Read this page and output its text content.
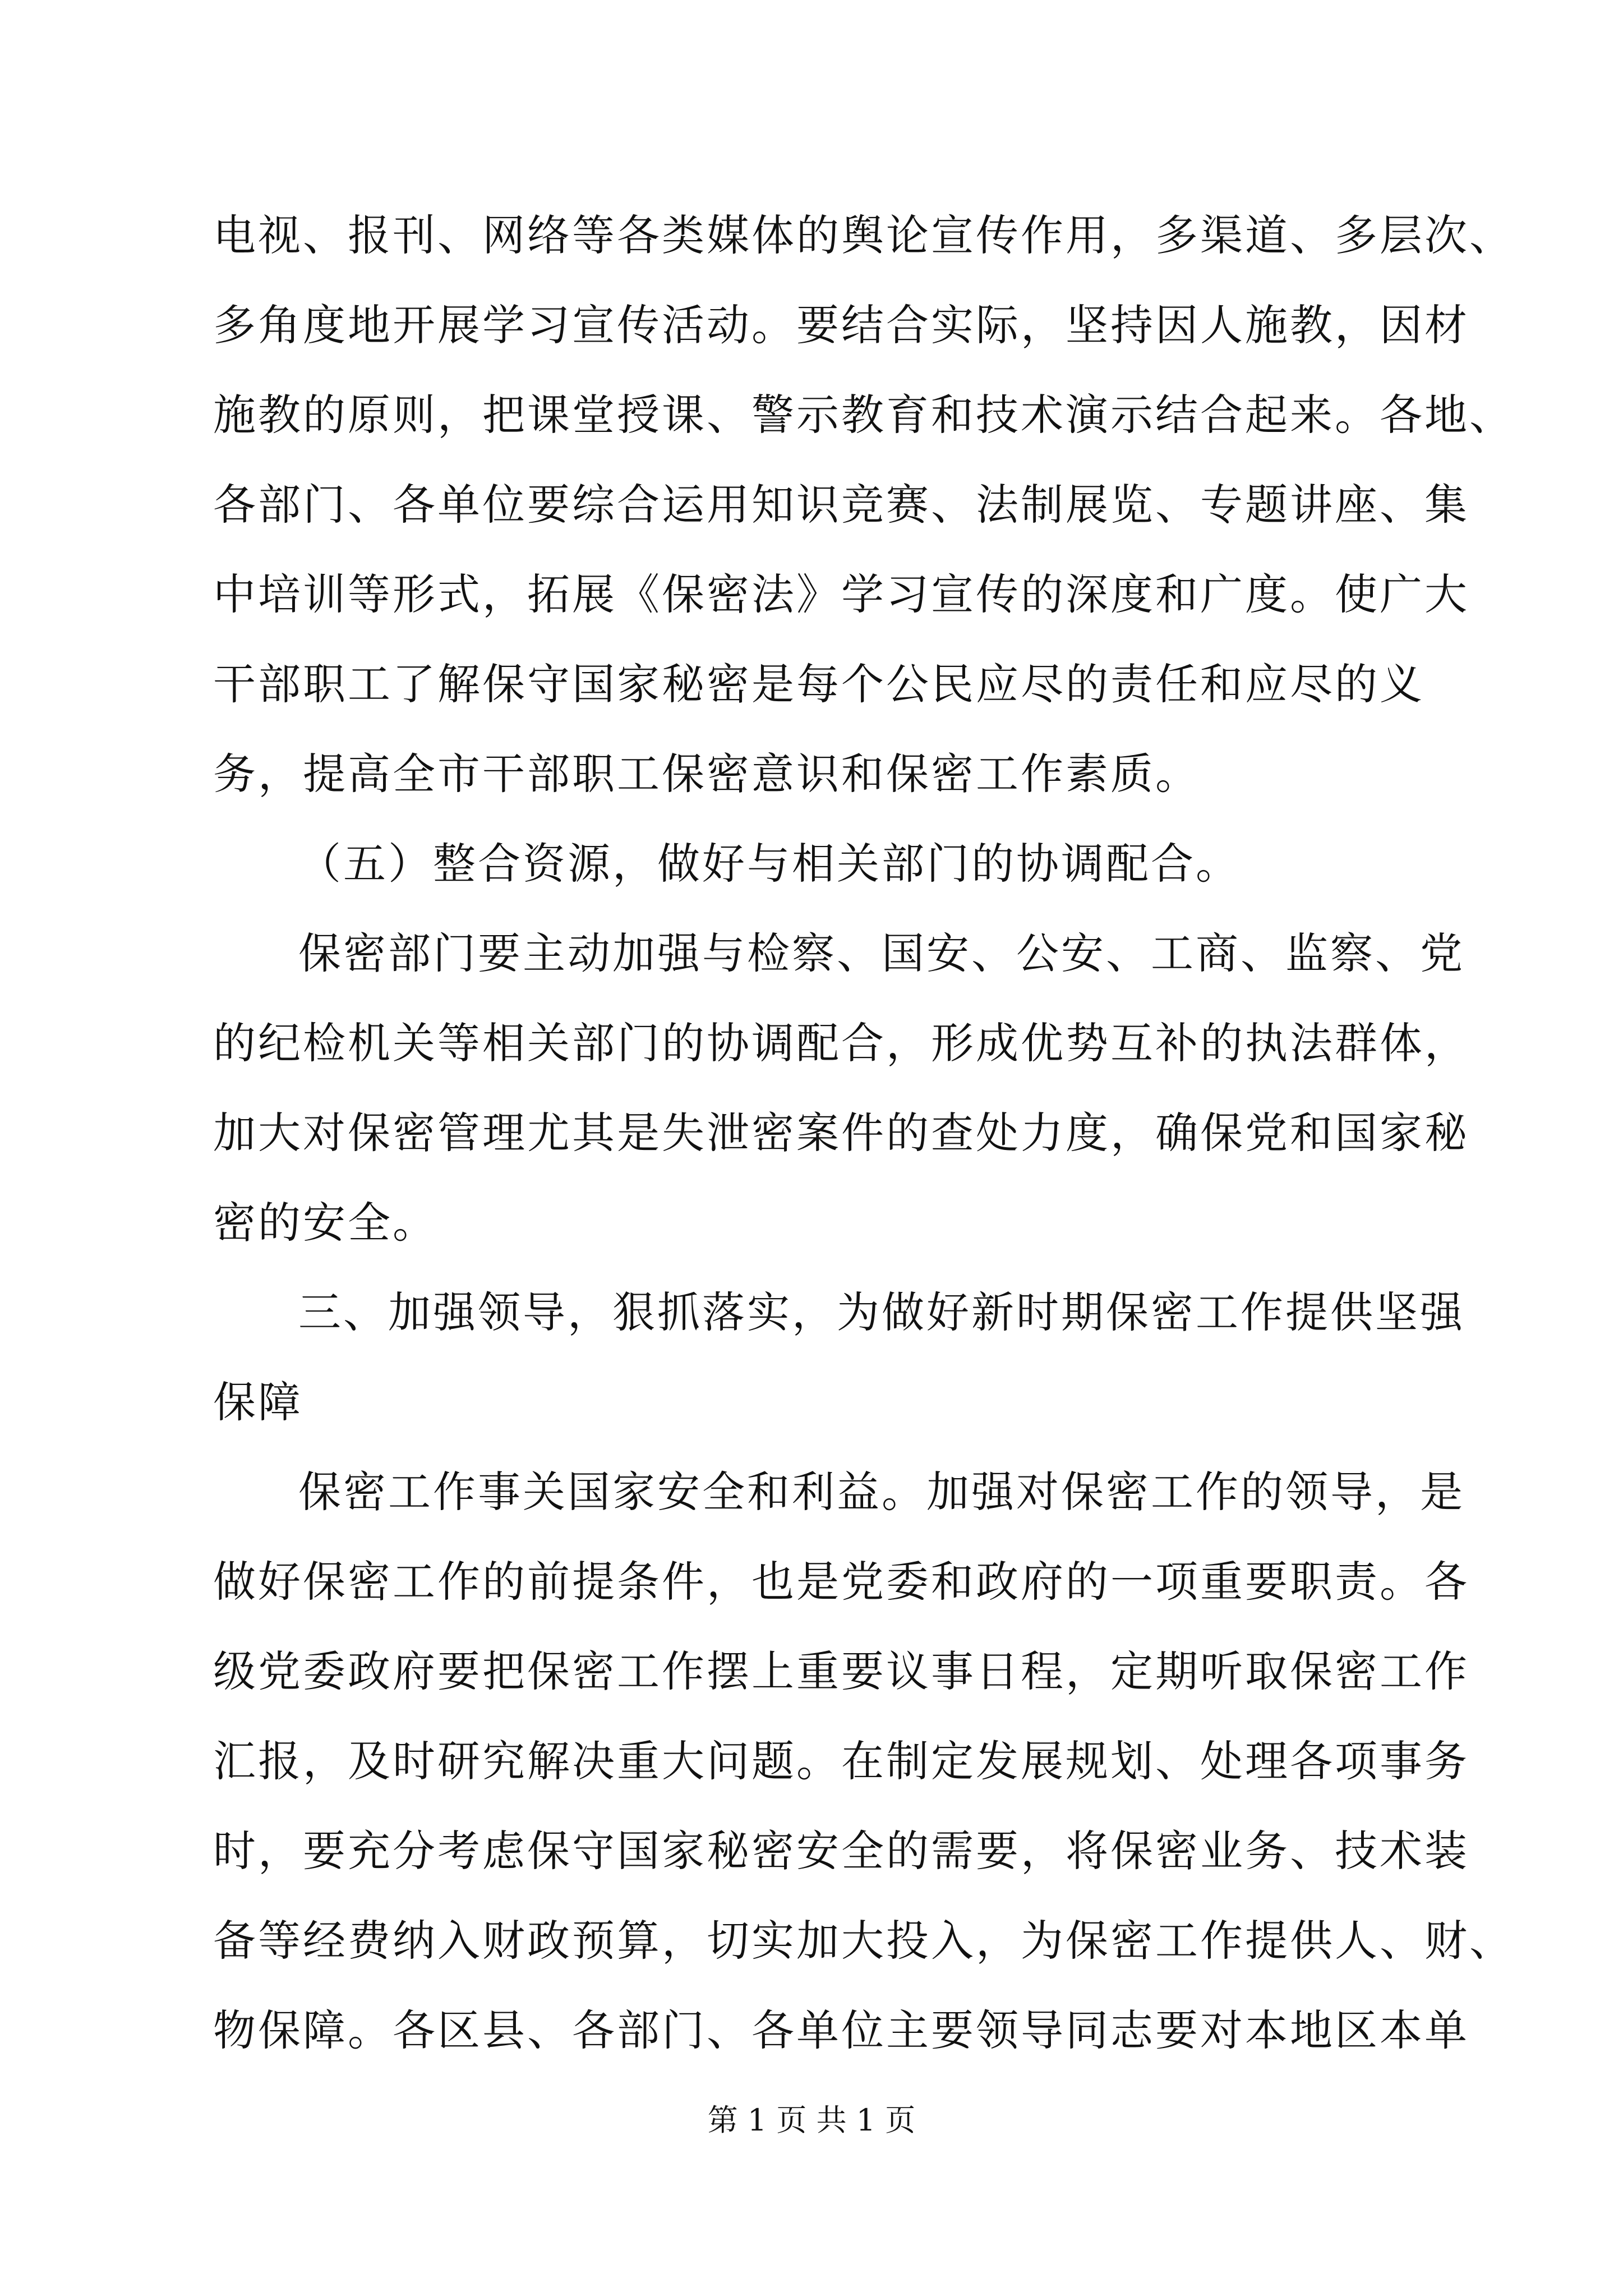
电视、报刊、网络等各类媒体的舆论宣传作用，多渠道、多层次、
多角度地开展学习宣传活动。要结合实际，坚持因人施教，因材
施教的原则，把课堂授课、警示教育和技术演示结合起来。各地、
各部门、各单位要综合运用知识竞赛、法制展览、专题讲座、集
中培训等形式，拓展《保密法》学习宣传的深度和广度。使广大
干部职工了解保守国家秘密是每个公民应尽的责任和应尽的义
务，提高全市干部职工保密意识和保密工作素质。
（五）整合资源，做好与相关部门的协调配合。
保密部门要主动加强与检察、国安、公安、工商、监察、党
的纪检机关等相关部门的协调配合，形成优势互补的执法群体，
加大对保密管理尤其是失泄密案件的查处力度，确保党和国家秘
密的安全。
三、加强领导，狠抓落实，为做好新时期保密工作提供坚强
保障
保密工作事关国家安全和利益。加强对保密工作的领导，是
做好保密工作的前提条件，也是党委和政府的一项重要职责。各
级党委政府要把保密工作摆上重要议事日程，定期听取保密工作
汇报，及时研究解决重大问题。在制定发展规划、处理各项事务
时，要充分考虑保守国家秘密安全的需要，将保密业务、技术装
备等经费纳入财政预算，切实加大投入，为保密工作提供人、财、
物保障。各区县、各部门、各单位主要领导同志要对本地区本单
第 1 页 共 1 页
